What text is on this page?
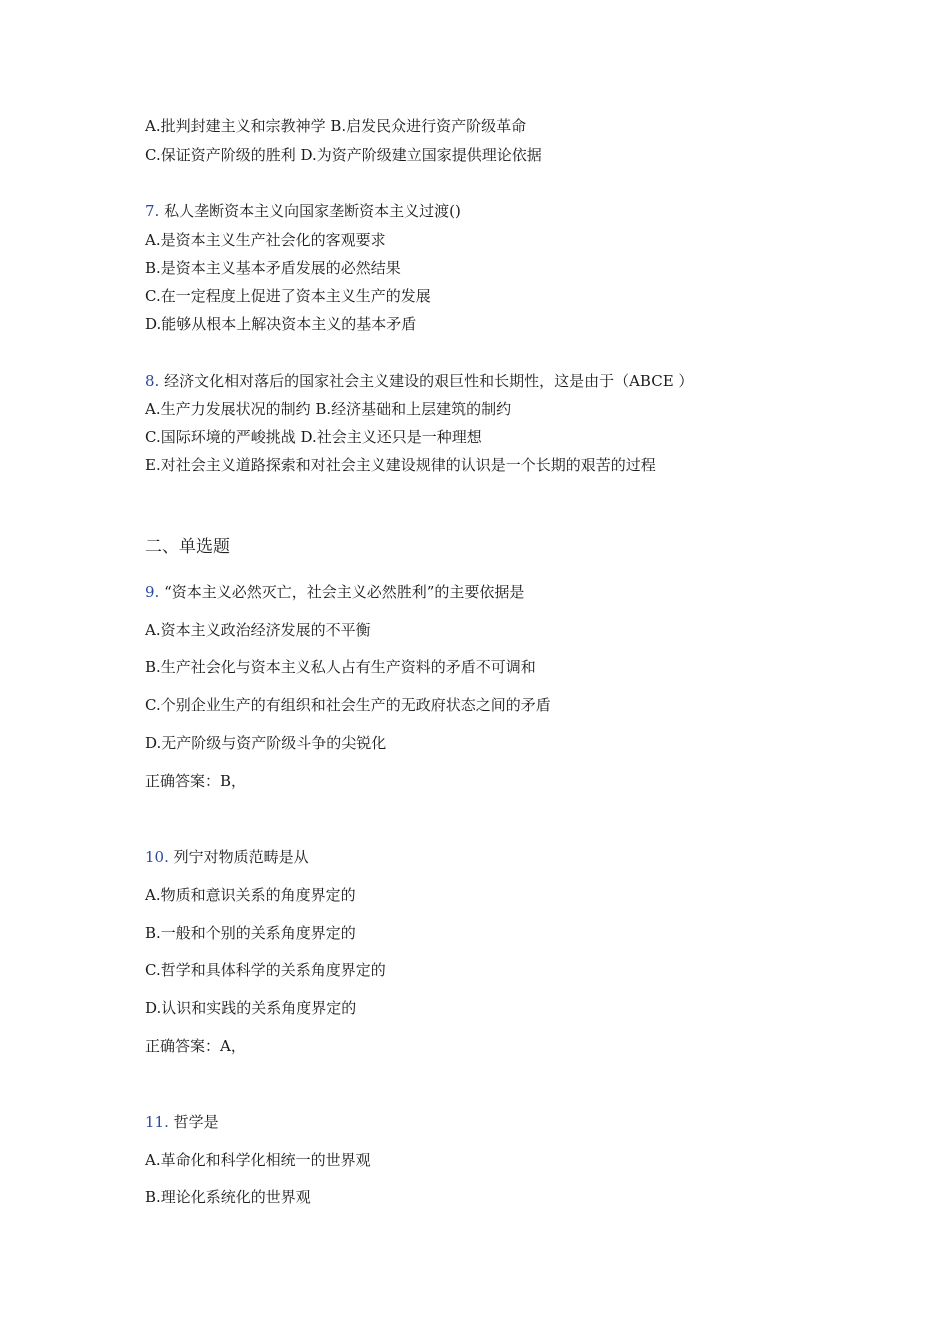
A.批判封建主义和宗教神学 B.启发民众进行资产阶级革命
C.保证资产阶级的胜利 D.为资产阶级建立国家提供理论依据
7. 私人垄断资本主义向国家垄断资本主义过渡()
A.是资本主义生产社会化的客观要求
B.是资本主义基本矛盾发展的必然结果
C.在一定程度上促进了资本主义生产的发展
D.能够从根本上解决资本主义的基本矛盾
8. 经济文化相对落后的国家社会主义建设的艰巨性和长期性，这是由于（ABCE ）
A.生产力发展状况的制约 B.经济基础和上层建筑的制约
C.国际环境的严峻挑战 D.社会主义还只是一种理想
E.对社会主义道路探索和对社会主义建设规律的认识是一个长期的艰苦的过程
二、单选题
9. “资本主义必然灭亡，社会主义必然胜利”的主要依据是
A.资本主义政治经济发展的不平衡
B.生产社会化与资本主义私人占有生产资料的矛盾不可调和
C.个别企业生产的有组织和社会生产的无政府状态之间的矛盾
D.无产阶级与资产阶级斗争的尖锐化
正确答案：B，
10. 列宁对物质范畴是从
A.物质和意识关系的角度界定的
B.一般和个别的关系角度界定的
C.哲学和具体科学的关系角度界定的
D.认识和实践的关系角度界定的
正确答案：A，
11. 哲学是
A.革命化和科学化相统一的世界观
B.理论化系统化的世界观
